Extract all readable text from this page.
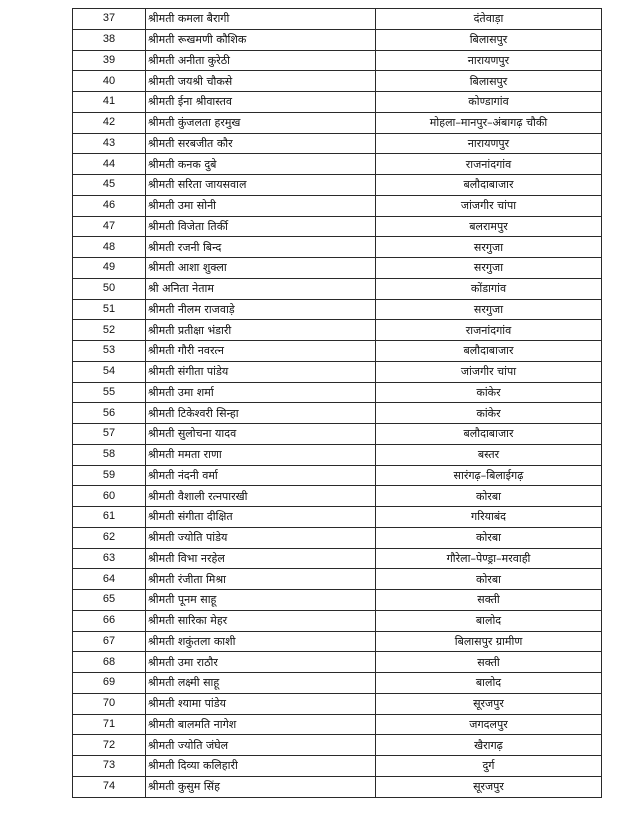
37	श्रीमती कमला बैरागी	दंतेवाड़ा
38	श्रीमती रूखमणी कौशिक	बिलासपुर
39	श्रीमती अनीता कुरेठी	नारायणपुर
40	श्रीमती जयश्री चौकसे	बिलासपुर
41	श्रीमती ईना श्रीवास्तव	कोण्डागांव
42	श्रीमती कुंजलता हरमुख	मोहला–मानपुर–अंबागढ़ चौकी
43	श्रीमती सरबजीत कौर	नारायणपुर
44	श्रीमती कनक दुबे	राजनांदगांव
45	श्रीमती सरिता जायसवाल	बलौदाबाजार
46	श्रीमती उमा सोनी	जांजगीर चांपा
47	श्रीमती विजेता तिर्की	बलरामपुर
48	श्रीमती रजनी बिन्द	सरगुजा
49	श्रीमती आशा शुक्ला	सरगुजा
50	श्री अनिता नेताम	कोंडागांव
51	श्रीमती नीलम राजवाड़े	सरगुजा
52	श्रीमती प्रतीक्षा भंडारी	राजनांदगांव
53	श्रीमती गौरी नवरत्न	बलौदाबाजार
54	श्रीमती संगीता पांडेय	जांजगीर चांपा
55	श्रीमती उमा शर्मा	कांकेर
56	श्रीमती टिकेश्वरी सिन्हा	कांकेर
57	श्रीमती सुलोचना यादव	बलौदाबाजार
58	श्रीमती ममता राणा	बस्तर
59	श्रीमती नंदनी वर्मा	सारंगढ़–बिलाईगढ़
60	श्रीमती वैशाली रत्नपारखी	कोरबा
61	श्रीमती संगीता दीक्षित	गरियाबंद
62	श्रीमती ज्योति पांडेय	कोरबा
63	श्रीमती विभा नरहेल	गौरेला–पेण्ड्रा–मरवाही
64	श्रीमती रंजीता मिश्रा	कोरबा
65	श्रीमती पूनम साहू	सक्ती
66	श्रीमती सारिका मेहर	बालोद
67	श्रीमती शकुंतला काशी	बिलासपुर ग्रामीण
68	श्रीमती उमा राठौर	सक्ती
69	श्रीमती लक्ष्मी साहू	बालोद
70	श्रीमती श्यामा पांडेय	सूरजपुर
71	श्रीमती बालमति नागेश	जगदलपुर
72	श्रीमती ज्योति जंघेल	खैरागढ़
73	श्रीमती दिव्या कलिहारी	दुर्ग
74	श्रीमती कुसुम सिंह	सूरजपुर
